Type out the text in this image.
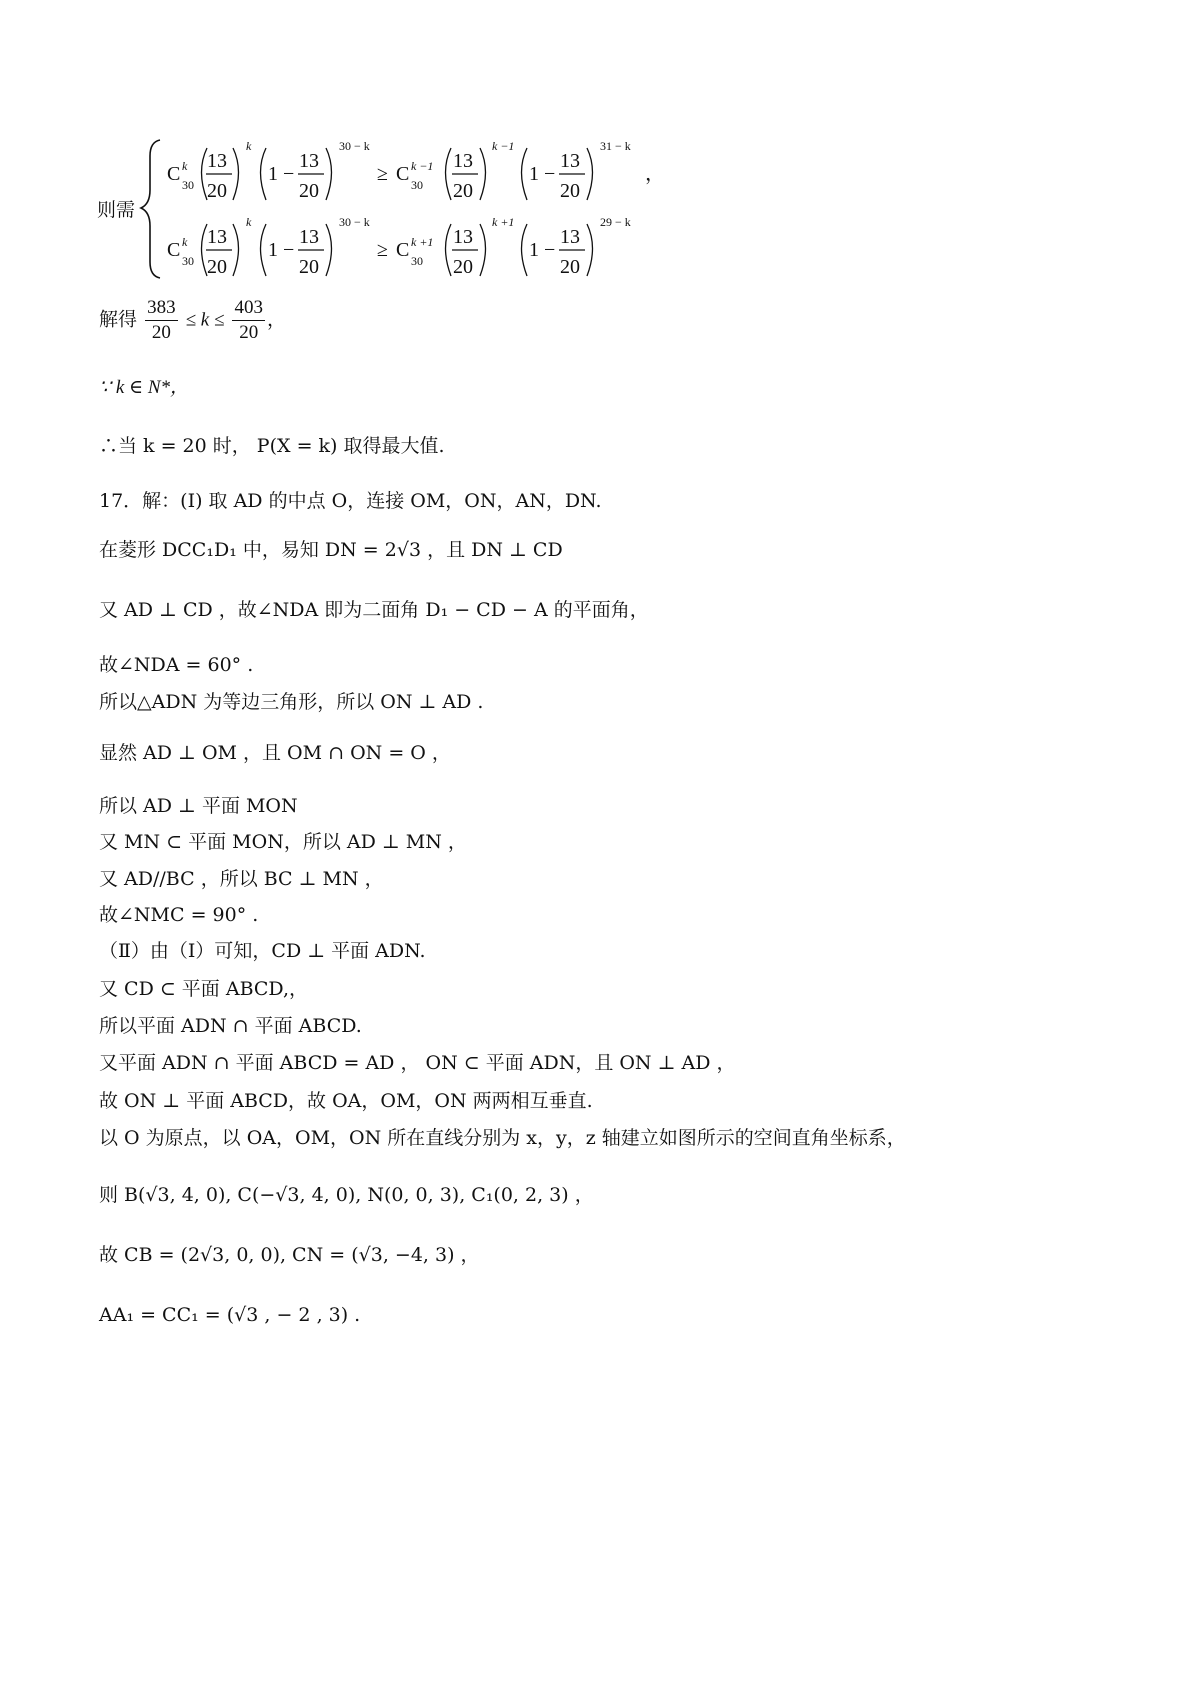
则需
C k
30
13
20
k
1 −
13
20
30 − k
≥ C k −1
30
13
20
k −1
1 −
13
20
31 − k
，
C k
30
13
20
k
1 −
13
20
30 − k
≥ C k +1
30
13
20
k +1
1 −
13
20
29 − k
解得 $\frac{383}{20} \le k \le \frac{403}{20}$ ，
∵ k ∈ N*，
∴当 k = 20 时， P(X = k) 取得最大值.
17．解：(Ⅰ) 取 AD 的中点 O，连接 OM，ON，AN，DN.
在菱形 DCC₁D₁ 中，易知 DN = 2√3 ，且 DN ⊥ CD
又 AD ⊥ CD ，故∠NDA 即为二面角 D₁ − CD − A 的平面角，
故∠NDA = 60° .
所以△ADN 为等边三角形，所以 ON ⊥ AD .
显然 AD ⊥ OM ，且 OM ∩ ON = O ，
所以 AD ⊥ 平面 MON
又 MN ⊂ 平面 MON，所以 AD ⊥ MN ，
又 AD//BC ，所以 BC ⊥ MN ，
故∠NMC = 90° .
（Ⅱ）由（Ⅰ）可知，CD ⊥ 平面 ADN.
又 CD ⊂ 平面 ABCD,，
所以平面 ADN ∩ 平面 ABCD.
又平面 ADN ∩ 平面 ABCD = AD ， ON ⊂ 平面 ADN，且 ON ⊥ AD ，
故 ON ⊥ 平面 ABCD，故 OA，OM，ON 两两相互垂直.
以 O 为原点，以 OA，OM，ON 所在直线分别为 x，y，z 轴建立如图所示的空间直角坐标系，
则 B(√3, 4, 0), C(−√3, 4, 0), N(0, 0, 3), C₁(0, 2, 3) ，
故 CB = (2√3, 0, 0), CN = (√3, −4, 3) ，
AA₁ = CC₁ = (√3 , − 2 , 3) .
